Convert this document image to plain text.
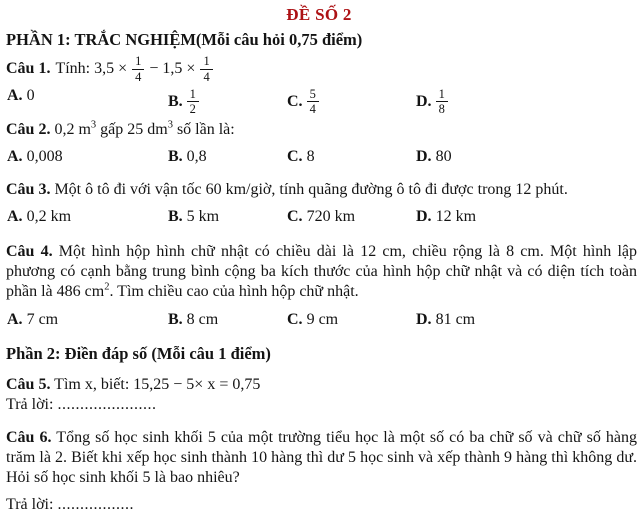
ĐỀ SỐ 2
PHẦN 1: TRẮC NGHIỆM(Mỗi câu hỏi 0,75 điểm)
Câu 1. Tính: $3,5 \times \frac{1}{4} - 1,5 \times \frac{1}{4}$
A. 0	B. $\frac{1}{2}$	C. $\frac{5}{4}$	D. $\frac{1}{8}$
Câu 2. 0,2 $m^3$ gấp 25 $dm^3$ số lần là:
A. 0,008	B. 0,8	C. 8	D. 80
Câu 3. Một ô tô đi với vận tốc 60 km/giờ, tính quãng đường ô tô đi được trong 12 phút.
A. 0,2 km	B. 5 km	C. 720 km	D. 12 km
Câu 4. Một hình hộp hình chữ nhật có chiều dài là 12 cm, chiều rộng là 8 cm. Một hình lập phương có cạnh bằng trung bình cộng ba kích thước của hình hộp chữ nhật và có diện tích toàn phần là 486 $cm^2$. Tìm chiều cao của hình hộp chữ nhật.
A. 7 cm	B. 8 cm	C. 9 cm	D. 81 cm
Phần 2: Điền đáp số (Mỗi câu 1 điểm)
Câu 5. Tìm x, biết: 15,25 − 5× x = 0,75
Trả lời: ......................
Câu 6. Tổng số học sinh khối 5 của một trường tiểu học là một số có ba chữ số và chữ số hàng trăm là 2. Biết khi xếp học sinh thành 10 hàng thì dư 5 học sinh và xếp thành 9 hàng thì không dư. Hỏi số học sinh khối 5 là bao nhiêu?
Trả lời: .................
